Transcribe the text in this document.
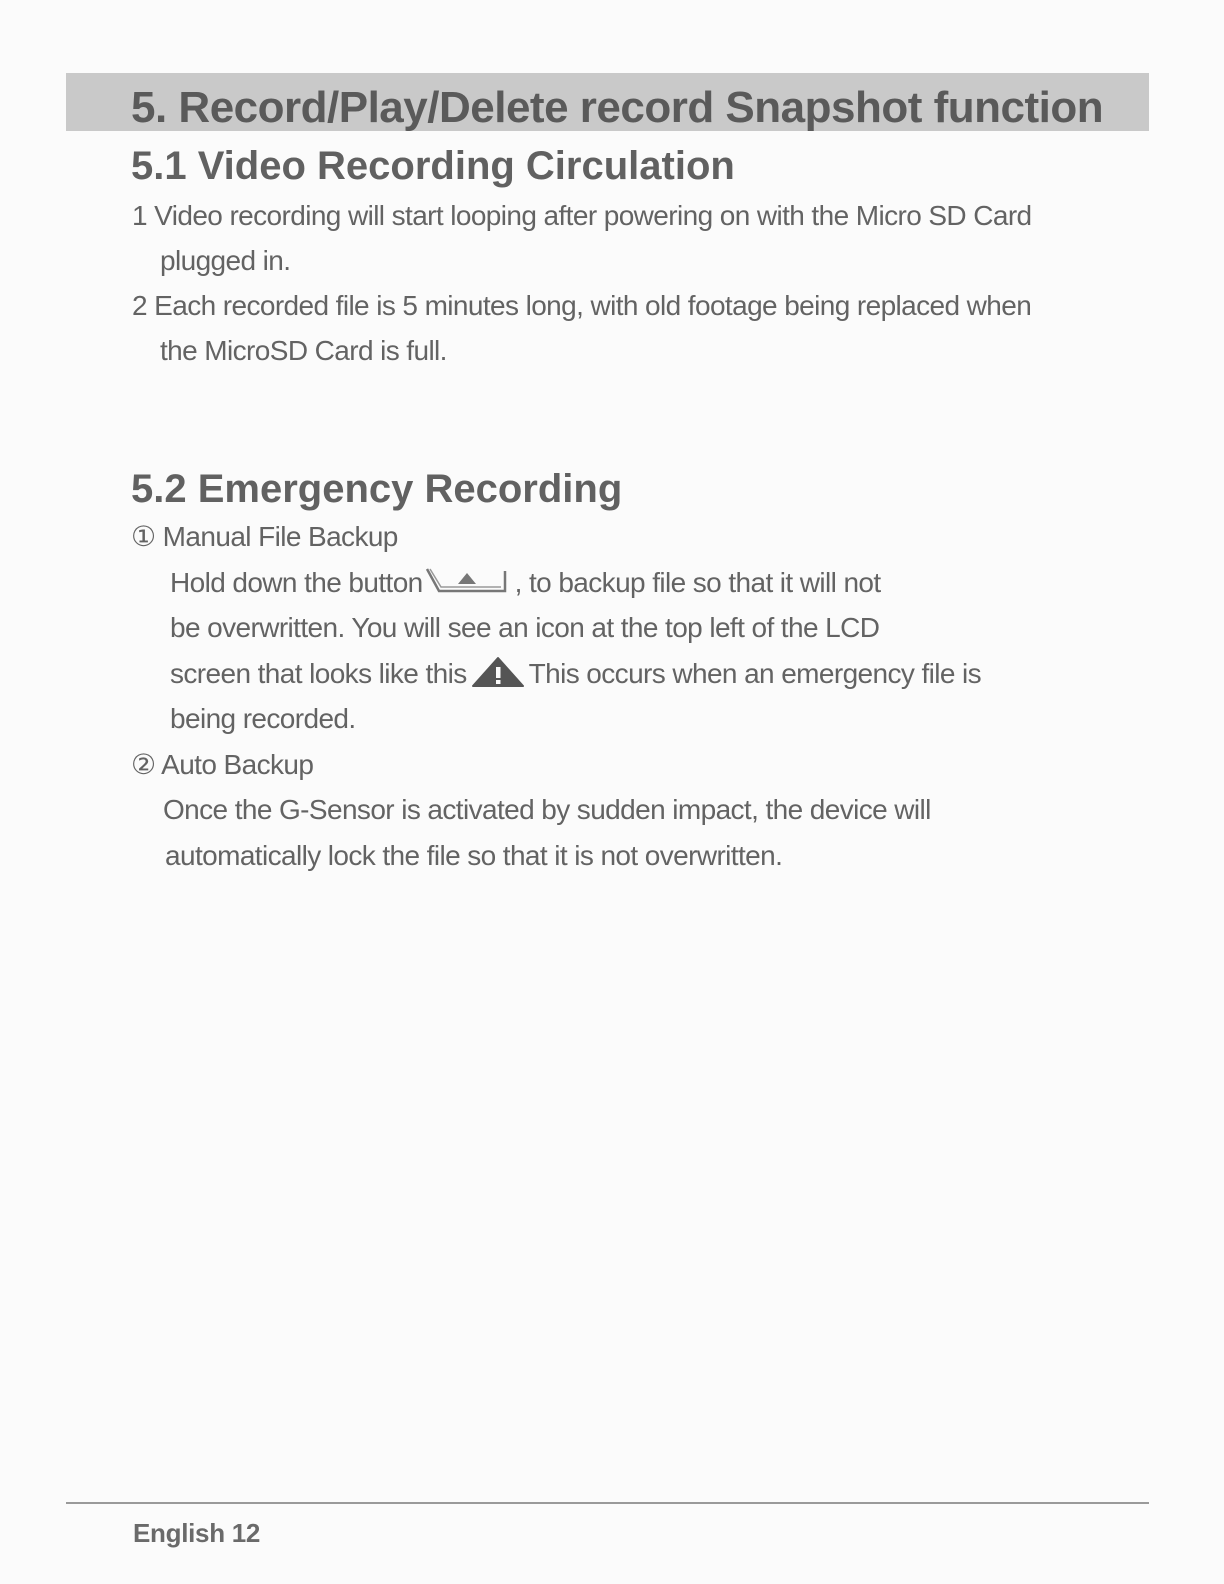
5. Record/Play/Delete record Snapshot function
5.1 Video Recording Circulation
1 Video recording will start looping after powering on with the Micro SD Card
plugged in.
2 Each recorded file is 5 minutes long, with old footage being replaced when
the MicroSD Card is full.
5.2 Emergency Recording
① Manual File Backup
Hold down the button	, to backup file so that it will not
be overwritten. You will see an icon at the top left of the LCD
screen that looks like this This occurs when an emergency file is
being recorded.
② Auto Backup
Once the G-Sensor is activated by sudden impact, the device will
automatically lock the file so that it is not overwritten.
English 12
